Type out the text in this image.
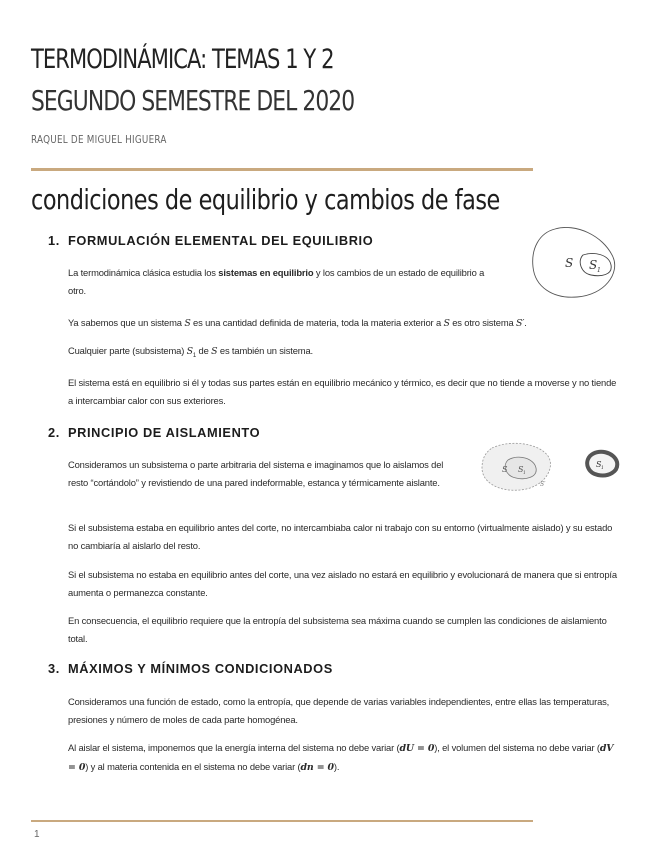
TERMODINÁMICA: TEMAS 1 Y 2
SEGUNDO SEMESTRE DEL 2020
RAQUEL DE MIGUEL HIGUERA
condiciones de equilibrio y cambios de fase
1. FORMULACIÓN ELEMENTAL DEL EQUILIBRIO
La termodinámica clásica estudia los sistemas en equilibrio y los cambios de un estado de equilibrio a otro.
Ya sabemos que un sistema S es una cantidad definida de materia, toda la materia exterior a S es otro sistema S′.
Cualquier parte (subsistema) $S_1$ de S es también un sistema.
El sistema está en equilibrio si él y todas sus partes están en equilibrio mecánico y térmico, es decir que no tiende a moverse y no tiende a intercambiar calor con sus exteriores.
S S 1
2. PRINCIPIO DE AISLAMIENTO
Consideramos un subsistema o parte arbitraria del sistema e imaginamos que lo aislamos del resto “cortándolo” y revistiendo de una pared indeformable, estanca y térmicamente aislante.
S S 1
S′
S 1
Si el subsistema estaba en equilibrio antes del corte, no intercambiaba calor ni trabajo con su entorno (virtualmente aislado) y su estado no cambiaría al aislarlo del resto.
Si el subsistema no estaba en equilibrio antes del corte, una vez aislado no estará en equilibrio y evolucionará de manera que si entropía aumenta o permanezca constante.
En consecuencia, el equilibrio requiere que la entropía del subsistema sea máxima cuando se cumplen las condiciones de aislamiento total.
3. MÁXIMOS Y MÍNIMOS CONDICIONADOS
Consideramos una función de estado, como la entropía, que depende de varias variables independientes, entre ellas las temperaturas, presiones y número de moles de cada parte homogénea.
Al aislar el sistema, imponemos que la energía interna del sistema no debe variar (dU = 0), el volumen del sistema no debe variar (dV = 0) y al materia contenida en el sistema no debe variar (dn = 0).
1
